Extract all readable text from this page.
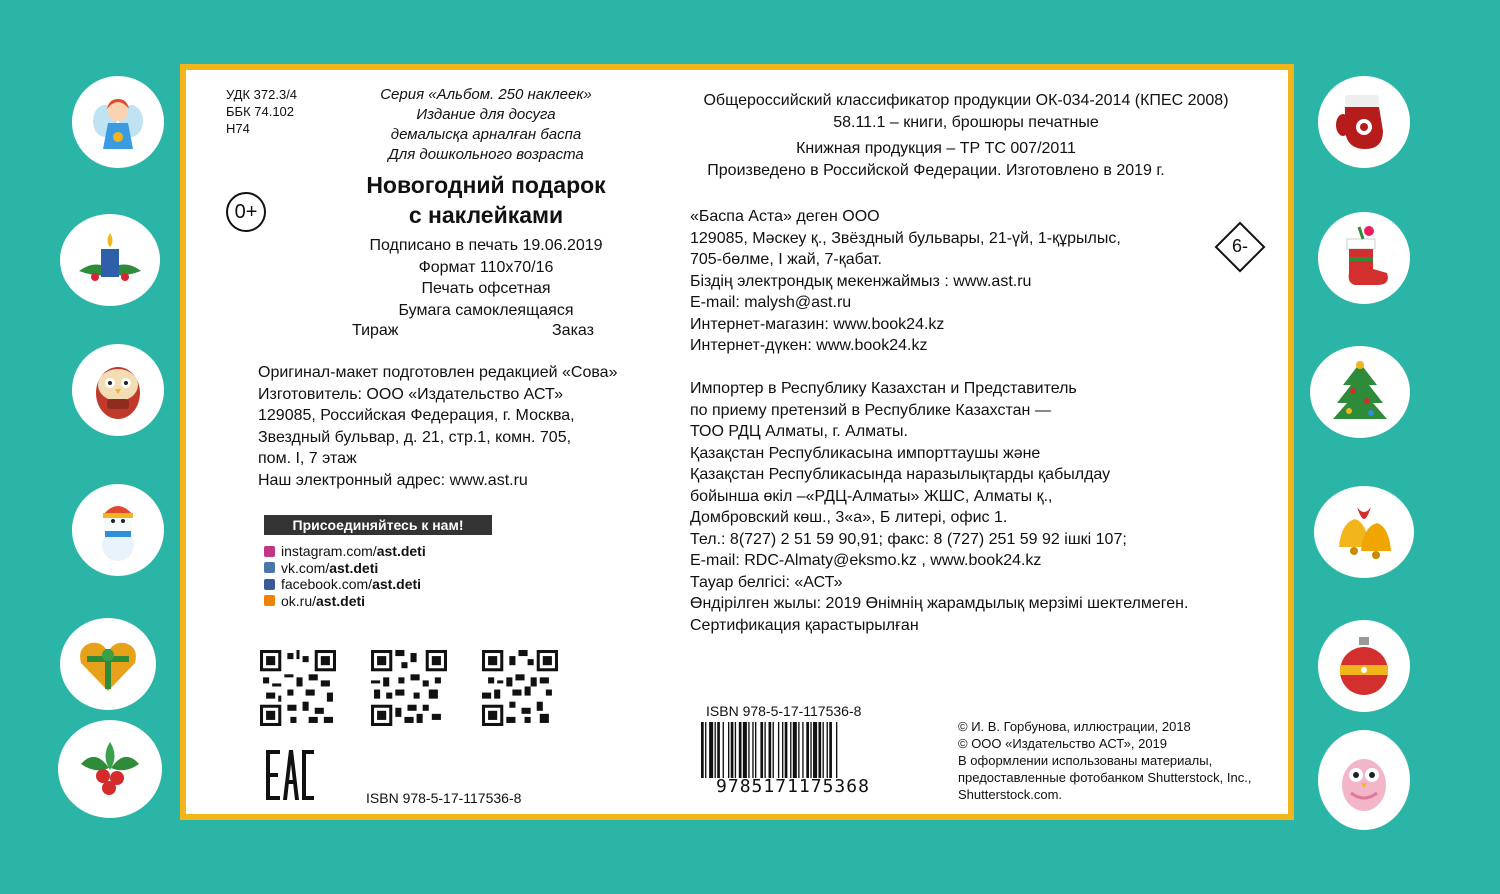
УДК 372.3/4
ББК 74.102
Н74
Серия «Альбом. 250 наклеек»
Издание для досуга
демалысқа арналған баспа
Для дошкольного возраста
0+
Новогодний подарок
с наклейками
Подписано в печать 19.06.2019
Формат 110х70/16
Печать офсетная
Бумага самоклеящаяся
Тираж	Заказ
Оригинал-макет подготовлен редакцией «Сова»
Изготовитель: ООО «Издательство АСТ»
129085, Российская Федерация, г. Москва,
Звездный бульвар, д. 21, стр.1, комн. 705,
пом. I, 7 этаж
Наш электронный адрес: www.ast.ru
Присоединяйтесь к нам!
instagram.com/ast.deti
vk.com/ast.deti
facebook.com/ast.deti
ok.ru/ast.deti
ISBN 978-5-17-117536-8
Общероссийский классификатор продукции ОК-034-2014 (КПЕС 2008)
58.11.1 – книги, брошюры печатные
Книжная продукция – ТР ТС 007/2011
Произведено в Российской Федерации. Изготовлено в 2019 г.
«Баспа Аста» деген ООО
129085, Мәскеу қ., Звёздный бульвары, 21-үй, 1-құрылыс,
705-бөлме, I жай, 7-қабат.
Біздің электрондық мекенжаймыз : www.ast.ru
E-mail: malysh@ast.ru
Интернет-магазин: www.book24.kz
Интернет-дүкен: www.book24.kz
6-
Импортер в Республику Казахстан и Представитель
по приему претензий в Республике Казахстан —
ТОО РДЦ Алматы, г. Алматы.
Қазақстан Республикасына импорттаушы және
Қазақстан Республикасында наразылықтарды қабылдау
бойынша өкіл –«РДЦ-Алматы» ЖШС, Алматы қ.,
Домбровский көш., 3«а», Б литері, офис 1.
Тел.: 8(727) 2 51 59 90,91; факс: 8 (727) 251 59 92 ішкі 107;
E-mail: RDC-Almaty@eksmo.kz , www.book24.kz
Тауар белгісі: «АСТ»
Өндірілген жылы: 2019 Өнімнің жарамдылық мерзімі шектелмеген.
Сертификация қарастырылған
ISBN 978-5-17-117536-8
9785171175368
© И. В. Горбунова, иллюстрации, 2018
© ООО «Издательство АСТ», 2019
В оформлении использованы материалы,
предоставленные фотобанком Shutterstock, Inc.,
Shutterstock.com.
